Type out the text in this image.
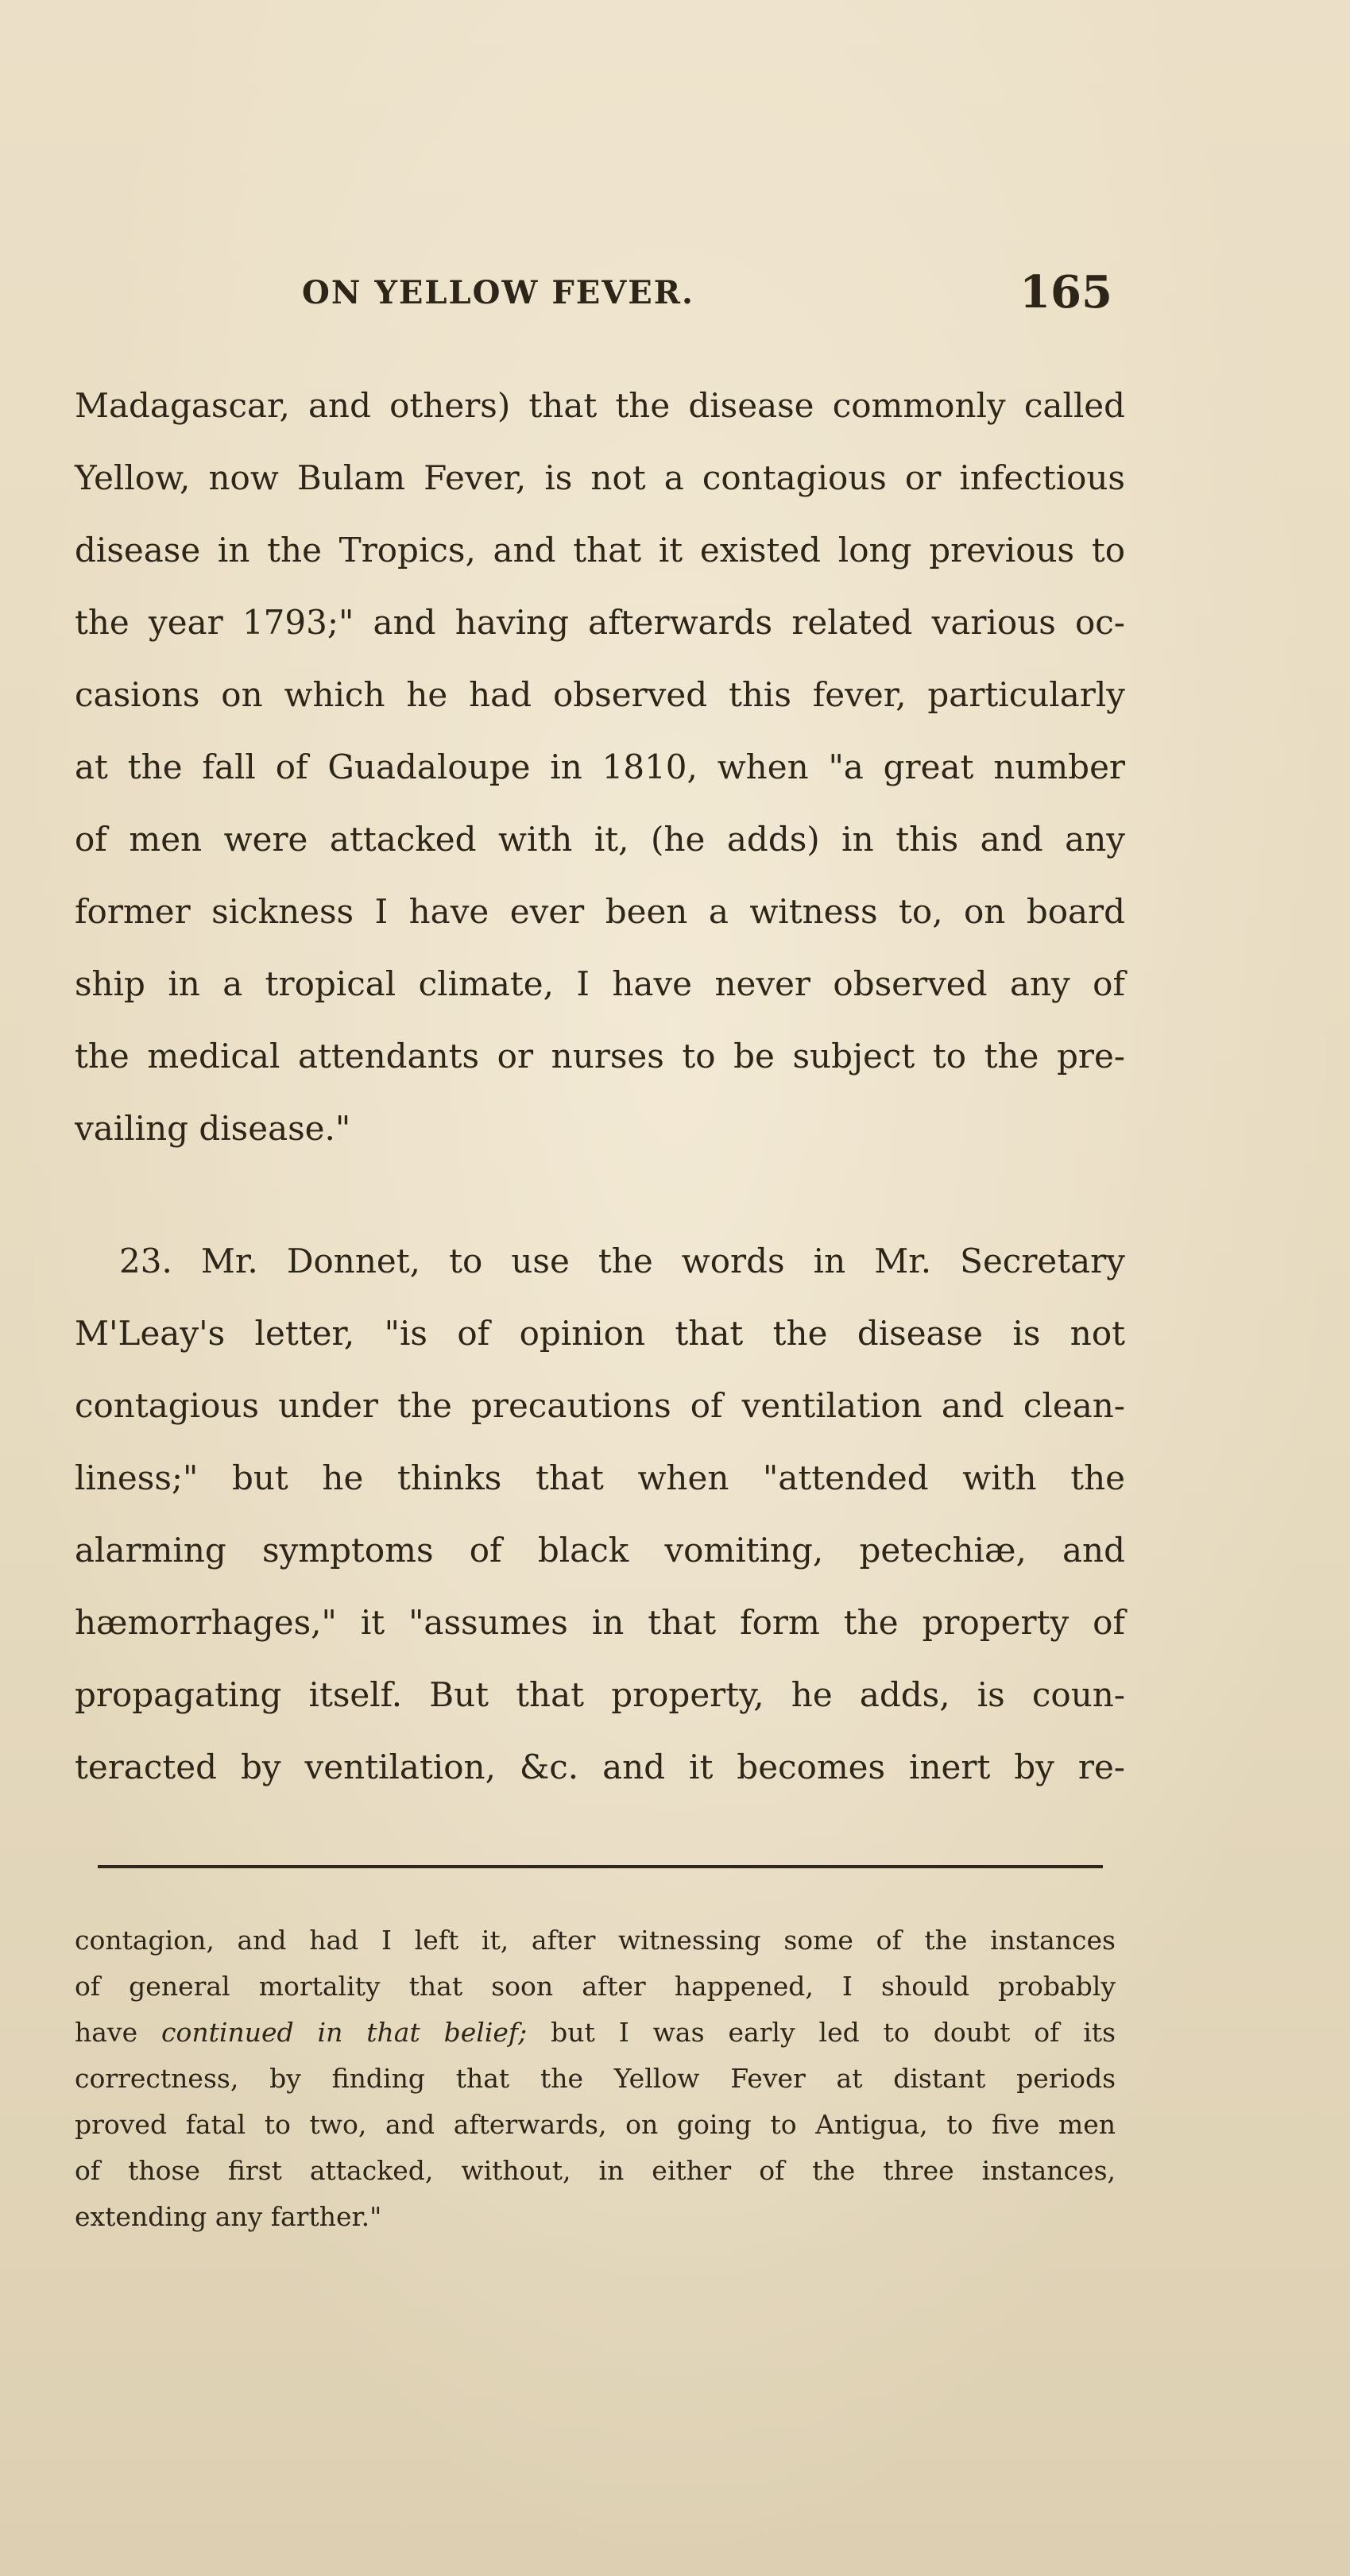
ON YELLOW FEVER.	165
Madagascar, and others) that the disease commonly called
Yellow, now Bulam Fever, is not a contagious or infectious
disease in the Tropics, and that it existed long previous to
the year 1793;" and having afterwards related various oc-
casions on which he had observed this fever, particularly
at the fall of Guadaloupe in 1810, when "a great number
of men were attacked with it, (he adds) in this and any
former sickness I have ever been a witness to, on board
ship in a tropical climate, I have never observed any of
the medical attendants or nurses to be subject to the pre-
vailing disease."
23. Mr. Donnet, to use the words in Mr. Secretary
M'Leay's letter, "is of opinion that the disease is not
contagious under the precautions of ventilation and clean-
liness;" but he thinks that when "attended with the
alarming symptoms of black vomiting, petechiæ, and
hæmorrhages," it "assumes in that form the property of
propagating itself. But that property, he adds, is coun-
teracted by ventilation, &c. and it becomes inert by re-
contagion, and had I left it, after witnessing some of the instances
of general mortality that soon after happened, I should probably
have continued in that belief; but I was early led to doubt of its
correctness, by finding that the Yellow Fever at distant periods
proved fatal to two, and afterwards, on going to Antigua, to five men
of those first attacked, without, in either of the three instances,
extending any farther."
